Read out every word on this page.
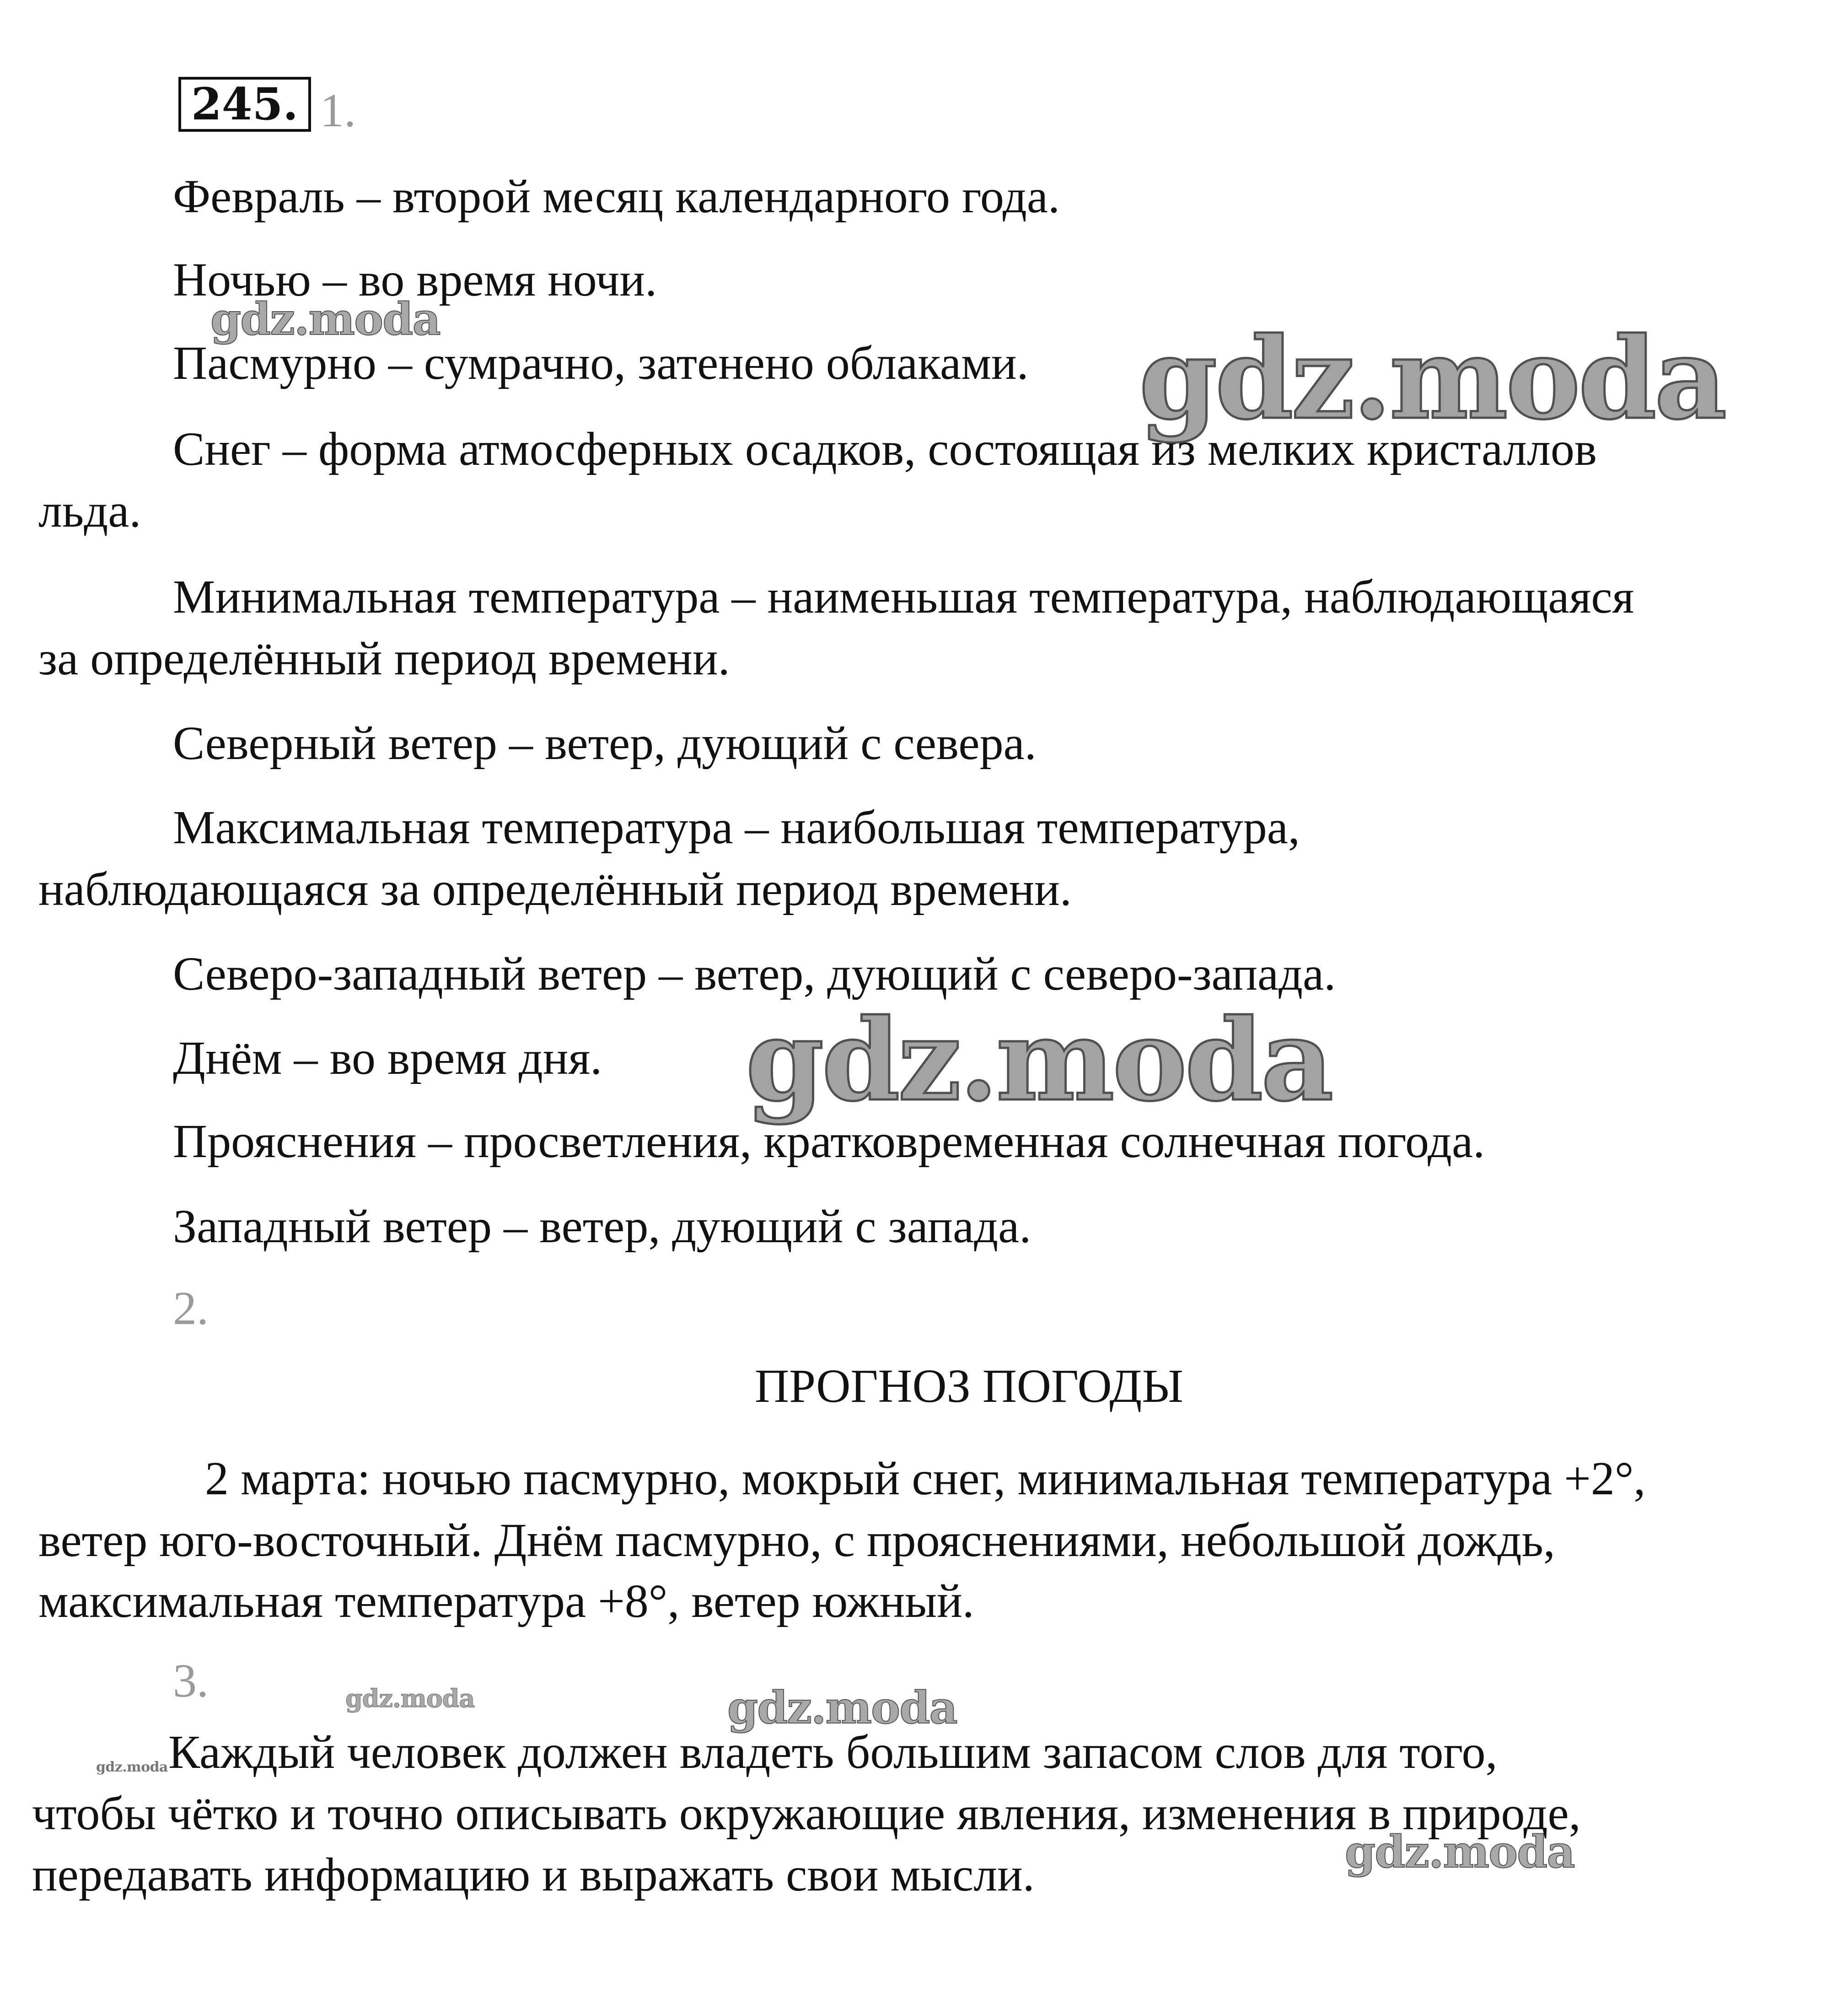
245. 1.
Февраль – второй месяц календарного года.
Ночью – во время ночи.
Пасмурно – сумрачно, затенено облаками.
Снег – форма атмосферных осадков, состоящая из мелких кристаллов
льда.
Минимальная температура – наименьшая температура, наблюдающаяся
за определённый период времени.
Северный ветер – ветер, дующий с севера.
Максимальная температура – наибольшая температура,
наблюдающаяся за определённый период времени.
Северо-западный ветер – ветер, дующий с северо-запада.
Днём – во время дня.
Прояснения – просветления, кратковременная солнечная погода.
Западный ветер – ветер, дующий с запада.
2.
ПРОГНОЗ ПОГОДЫ
2 марта: ночью пасмурно, мокрый снег, минимальная температура +2°,
ветер юго-восточный. Днём пасмурно, с прояснениями, небольшой дождь,
максимальная температура +8°, ветер южный.
3.
Каждый человек должен владеть большим запасом слов для того,
чтобы чётко и точно описывать окружающие явления, изменения в природе,
передавать информацию и выражать свои мысли.
gdz.moda	gdz.moda
gdz.moda
gdz.moda	gdz.moda
gdz.moda
gdz.moda
